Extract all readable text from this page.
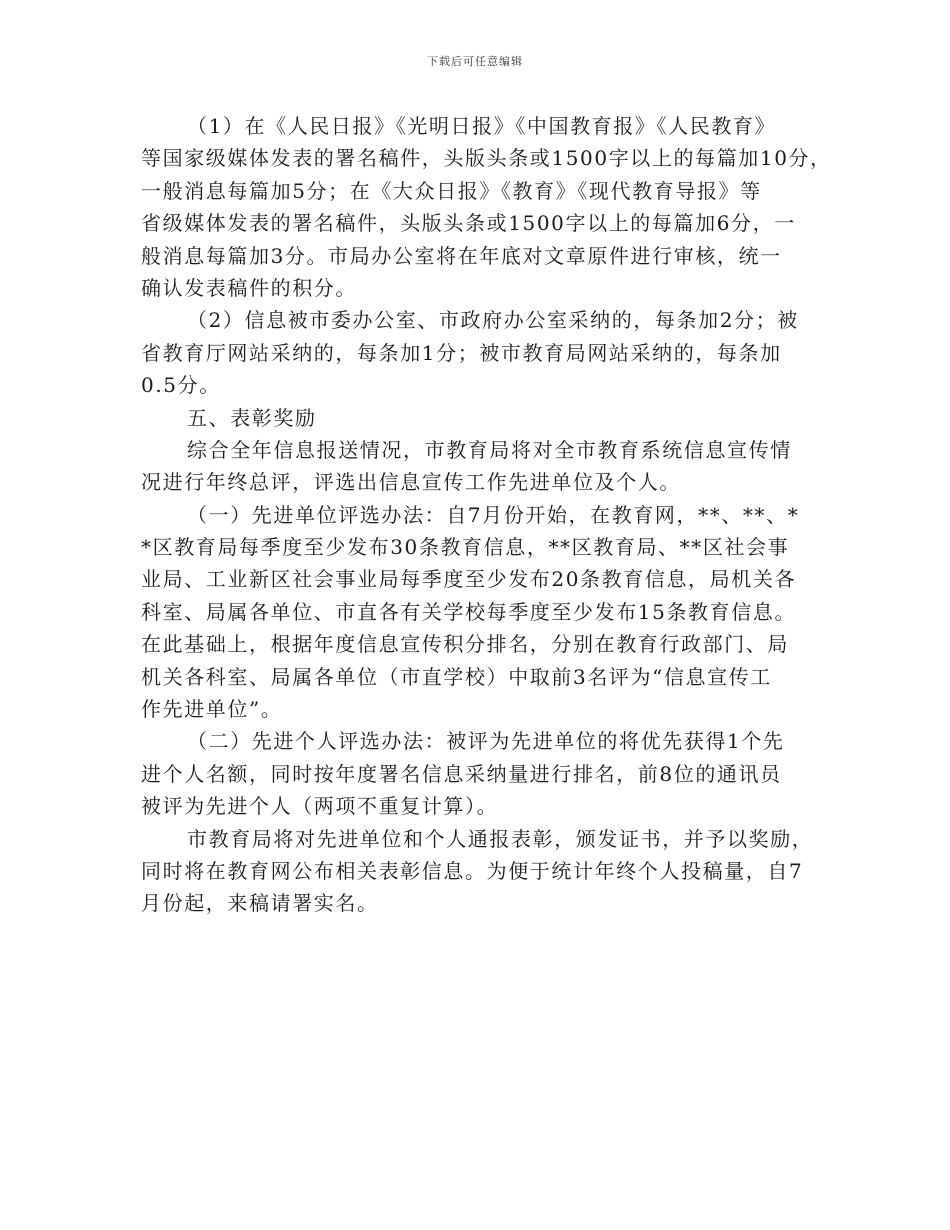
下载后可任意编辑
（1）在《人民日报》《光明日报》《中国教育报》《人民教育》
等国家级媒体发表的署名稿件，头版头条或1500字以上的每篇加10分，
一般消息每篇加5分；在《大众日报》《教育》《现代教育导报》等
省级媒体发表的署名稿件，头版头条或1500字以上的每篇加6分，一
般消息每篇加3分。市局办公室将在年底对文章原件进行审核，统一
确认发表稿件的积分。
（2）信息被市委办公室、市政府办公室采纳的，每条加2分；被
省教育厅网站采纳的，每条加1分；被市教育局网站采纳的，每条加
0.5分。
五、表彰奖励
综合全年信息报送情况，市教育局将对全市教育系统信息宣传情
况进行年终总评，评选出信息宣传工作先进单位及个人。
（一）先进单位评选办法：自7月份开始，在教育网，**、**、*
*区教育局每季度至少发布30条教育信息，**区教育局、**区社会事
业局、工业新区社会事业局每季度至少发布20条教育信息，局机关各
科室、局属各单位、市直各有关学校每季度至少发布15条教育信息。
在此基础上，根据年度信息宣传积分排名，分别在教育行政部门、局
机关各科室、局属各单位（市直学校）中取前3名评为“信息宣传工
作先进单位”。
（二）先进个人评选办法：被评为先进单位的将优先获得1个先
进个人名额，同时按年度署名信息采纳量进行排名，前8位的通讯员
被评为先进个人（两项不重复计算）。
市教育局将对先进单位和个人通报表彰，颁发证书，并予以奖励，
同时将在教育网公布相关表彰信息。为便于统计年终个人投稿量，自7
月份起，来稿请署实名。
